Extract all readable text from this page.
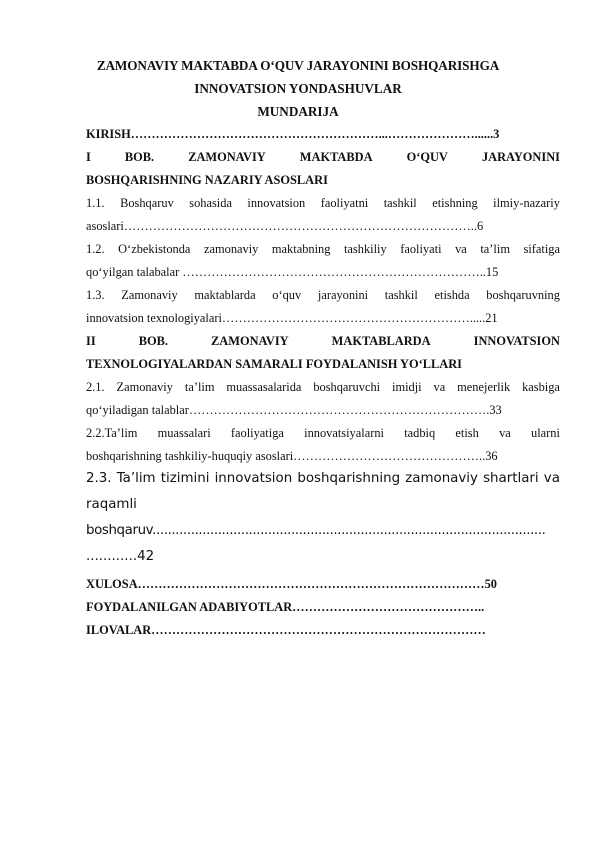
ZAMONAVIY MAKTABDA O‘QUV JARAYONINI BOSHQARISHGA
INNOVATSION YONDASHUVLAR
MUNDARIJA
KIRISH……………………………………………………...…………………......3
I	BOB.	ZAMONAVIY	MAKTABDA	O‘QUV	JARAYONINI
BOSHQARISHNING NAZARIY ASOSLARI
1.1. Boshqaruv sohasida innovatsion faoliyatni tashkil etishning ilmiy-nazariy
asoslari…………………………………………………………………………..6
1.2. O‘zbekistonda zamonaviy maktabning tashkiliy faoliyati va ta’lim sifatiga
qo‘yilgan talabalar ………………………………………………………………..15
1.3. Zamonaviy maktablarda o‘quv jarayonini tashkil etishda boshqaruvning
innovatsion texnologiyalari…………………………………………………….....21
II	BOB.	ZAMONAVIY	MAKTABLARDA	INNOVATSION
TEXNOLOGIYALARDAN SAMARALI FOYDALANISH YO‘LLARI
2.1. Zamonaviy ta’lim muassasalarida boshqaruvchi imidji va menejerlik kasbiga
qo‘yiladigan talablar……………………………………………………………….33
2.2.Ta’lim muassalari faoliyatiga innovatsiyalarni tadbiq etish va ularni
boshqarishning tashkiliy-huquqiy asoslari………………………………………..36
2.3. Ta’lim tizimini innovatsion boshqarishning zamonaviy shartlari va
raqamli
boshqaruv......................................................................................................
............42
XULOSA…………………………………………………………………………50
FOYDALANILGAN ADABIYOTLAR………………………………………..
ILOVALAR………………………………………………………………………
